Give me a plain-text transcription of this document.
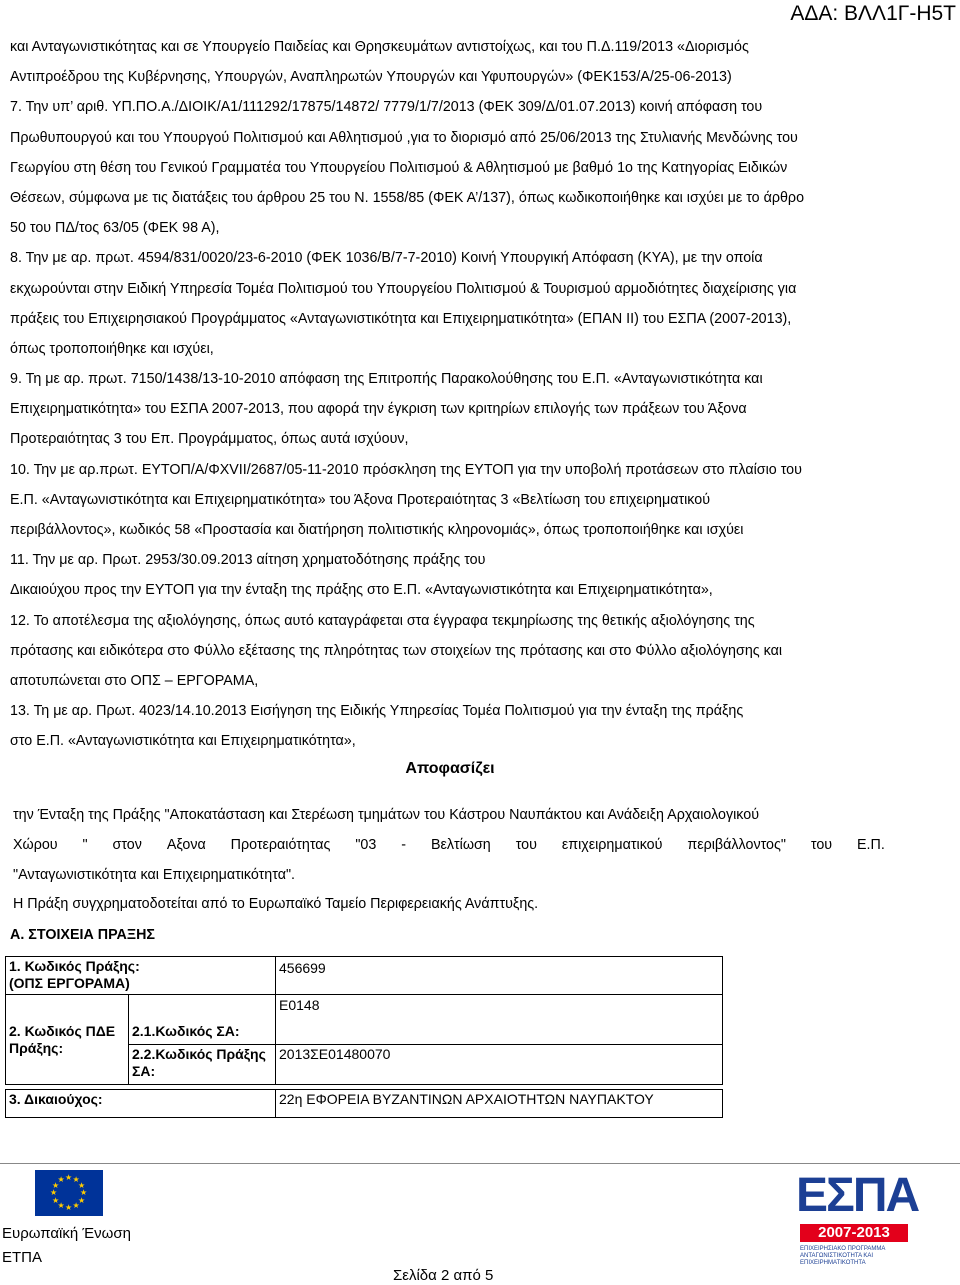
ΑΔΑ: ΒΛΛ1Γ-Η5Τ
και Ανταγωνιστικότητας και σε Υπουργείο Παιδείας και Θρησκευμάτων αντιστοίχως, και του Π.Δ.119/2013 «Διορισμός
Αντιπροέδρου της Κυβέρνησης, Υπουργών, Αναπληρωτών Υπουργών και Υφυπουργών» (ΦΕΚ153/Α/25-06-2013)
7. Την υπ’ αριθ. ΥΠ.ΠΟ.Α./ΔΙΟΙΚ/Α1/111292/17875/14872/ 7779/1/7/2013 (ΦΕΚ 309/Δ/01.07.2013) κοινή απόφαση του
Πρωθυπουργού και του Υπουργού Πολιτισμού και Αθλητισμού ,για το διορισμό από 25/06/2013 της Στυλιανής Μενδώνης του
Γεωργίου στη θέση του Γενικού Γραμματέα του Υπουργείου Πολιτισμού & Αθλητισμού με βαθμό 1ο της Κατηγορίας Ειδικών
Θέσεων, σύμφωνα με τις διατάξεις του άρθρου 25 του Ν. 1558/85 (ΦΕΚ Α’/137), όπως κωδικοποιήθηκε και ισχύει με το άρθρο
50 του ΠΔ/τος 63/05 (ΦΕΚ 98 Α),
8. Την με αρ. πρωτ. 4594/831/0020/23-6-2010 (ΦΕΚ 1036/Β/7-7-2010) Κοινή Υπουργική Απόφαση (ΚΥΑ), με την οποία
εκχωρούνται στην Ειδική Υπηρεσία Τομέα Πολιτισμού του Υπουργείου Πολιτισμού & Τουρισμού αρμοδιότητες διαχείρισης για
πράξεις του Επιχειρησιακού Προγράμματος «Ανταγωνιστικότητα και Επιχειρηματικότητα» (ΕΠΑΝ ΙΙ) του ΕΣΠΑ (2007-2013),
όπως τροποποιήθηκε και ισχύει,
9. Τη με αρ. πρωτ. 7150/1438/13-10-2010 απόφαση της Επιτροπής Παρακολούθησης του Ε.Π. «Ανταγωνιστικότητα και
Επιχειρηματικότητα» του ΕΣΠΑ 2007-2013, που αφορά την έγκριση των κριτηρίων επιλογής των πράξεων του Άξονα
Προτεραιότητας 3 του Επ. Προγράμματος, όπως αυτά ισχύουν,
10. Την με αρ.πρωτ. ΕΥΤΟΠ/Α/ΦΧVΙΙ/2687/05-11-2010 πρόσκληση της ΕΥΤΟΠ για την υποβολή προτάσεων στο πλαίσιο του
Ε.Π. «Ανταγωνιστικότητα και Επιχειρηματικότητα» του Άξονα Προτεραιότητας 3 «Βελτίωση του επιχειρηματικού
περιβάλλοντος», κωδικός 58 «Προστασία και διατήρηση πολιτιστικής κληρονομιάς», όπως τροποποιήθηκε και ισχύει
11. Την με αρ. Πρωτ. 2953/30.09.2013 αίτηση χρηματοδότησης πράξης του
Δικαιούχου προς την ΕΥΤΟΠ για την ένταξη της πράξης στο Ε.Π. «Ανταγωνιστικότητα και Επιχειρηματικότητα»,
12. Το αποτέλεσμα της αξιολόγησης, όπως αυτό καταγράφεται στα έγγραφα τεκμηρίωσης της θετικής αξιολόγησης της
πρότασης και ειδικότερα στο Φύλλο εξέτασης της πληρότητας των στοιχείων της πρότασης και στο Φύλλο αξιολόγησης και
αποτυπώνεται στο ΟΠΣ – ΕΡΓΟΡΑΜΑ,
13. Τη με αρ. Πρωτ. 4023/14.10.2013 Εισήγηση της Ειδικής Υπηρεσίας Τομέα Πολιτισμού για την ένταξη της πράξης
στο Ε.Π. «Ανταγωνιστικότητα και Επιχειρηματικότητα»,
Αποφασίζει
την Ένταξη της Πράξης "Αποκατάσταση και Στερέωση τμημάτων του Κάστρου Ναυπάκτου και Ανάδειξη Αρχαιολογικού
Χώρου " στον Αξονα Προτεραιότητας "03 - Βελτίωση του επιχειρηματικού περιβάλλοντος" του Ε.Π.
"Ανταγωνιστικότητα και Επιχειρηματικότητα".
Η Πράξη συγχρηματοδοτείται από το Ευρωπαϊκό Ταμείο Περιφερειακής Ανάπτυξης.
Α. ΣΤΟΙΧΕΙΑ ΠΡΑΞΗΣ
1. Κωδικός Πράξης:
(ΟΠΣ ΕΡΓΟΡΑΜΑ)		456699

2. Κωδικός ΠΔΕ
Πράξης:	2.1.Κωδικός ΣΑ:	Ε0148

	2.2.Κωδικός Πράξης
ΣΑ:	2013ΣΕ01480070

3. Δικαιούχος:		22η ΕΦΟΡΕΙΑ ΒΥΖΑΝΤΙΝΩΝ ΑΡΧΑΙΟΤΗΤΩΝ ΝΑΥΠΑΚΤΟΥ
★ ★
★
★
★
★
★
★
★
★
★
★
Ευρωπαϊκή Ένωση
ΕΤΠΑ
Σελίδα 2 από 5
ΕΣΠΑ
2007-2013
ΕΠΙΧΕΙΡΗΣΙΑΚΟ ΠΡΟΓΡΑΜΜΑ
ΑΝΤΑΓΩΝΙΣΤΙΚΟΤΗΤΑ ΚΑΙ ΕΠΙΧΕΙΡΗΜΑΤΙΚΟΤΗΤΑ
